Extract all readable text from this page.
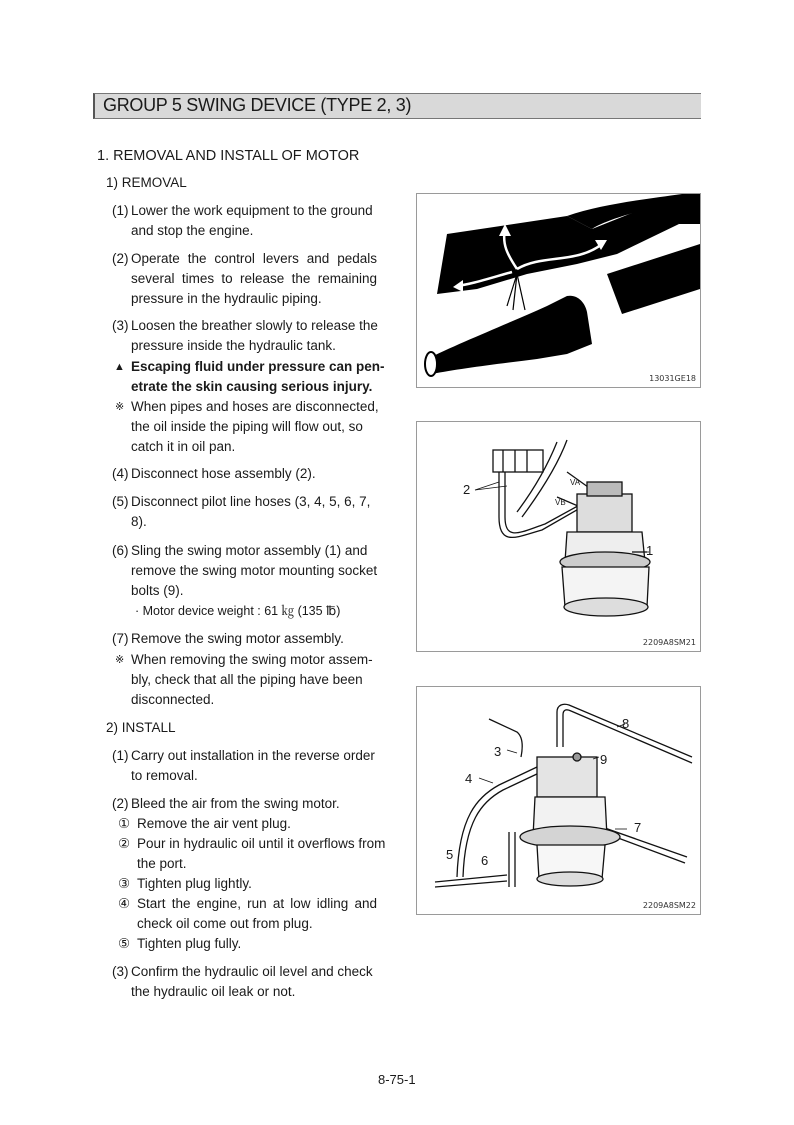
GROUP 5 SWING DEVICE (TYPE 2, 3)
1. REMOVAL AND INSTALL OF MOTOR
1) REMOVAL
(1) Lower the work equipment to the ground
and stop the engine.
(2) Operate the control levers and pedals
several times to release the remaining
pressure in the hydraulic piping.
(3) Loosen the breather slowly to release the
pressure inside the hydraulic tank.
▲ Escaping fluid under pressure can pen-
etrate the skin causing serious injury.
※ When pipes and hoses are disconnected,
the oil inside the piping will flow out, so
catch it in oil pan.
(4) Disconnect hose assembly (2).
(5) Disconnect pilot line hoses (3, 4, 5, 6, 7,
8).
(6) Sling the swing motor assembly (1) and
remove the swing motor mounting socket
bolts (9).
· Motor device weight : 61 ㎏ (135 ℔)
(7) Remove the swing motor assembly.
※ When removing the swing motor assem-
bly, check that all the piping have been
disconnected.
2) INSTALL
(1) Carry out installation in the reverse order
to removal.
(2) Bleed the air from the swing motor.
① Remove the air vent plug.
② Pour in hydraulic oil until it overflows from
the port.
③ Tighten plug lightly.
④ Start the engine, run at low idling and
check oil come out from plug.
⑤ Tighten plug fully.
(3) Confirm the hydraulic oil level and check
the hydraulic oil leak or not.
13031GE18
2
1
VA
VB
2209A8SM21
8
3
9
4
7
5 6
2209A8SM22
8-75-1
